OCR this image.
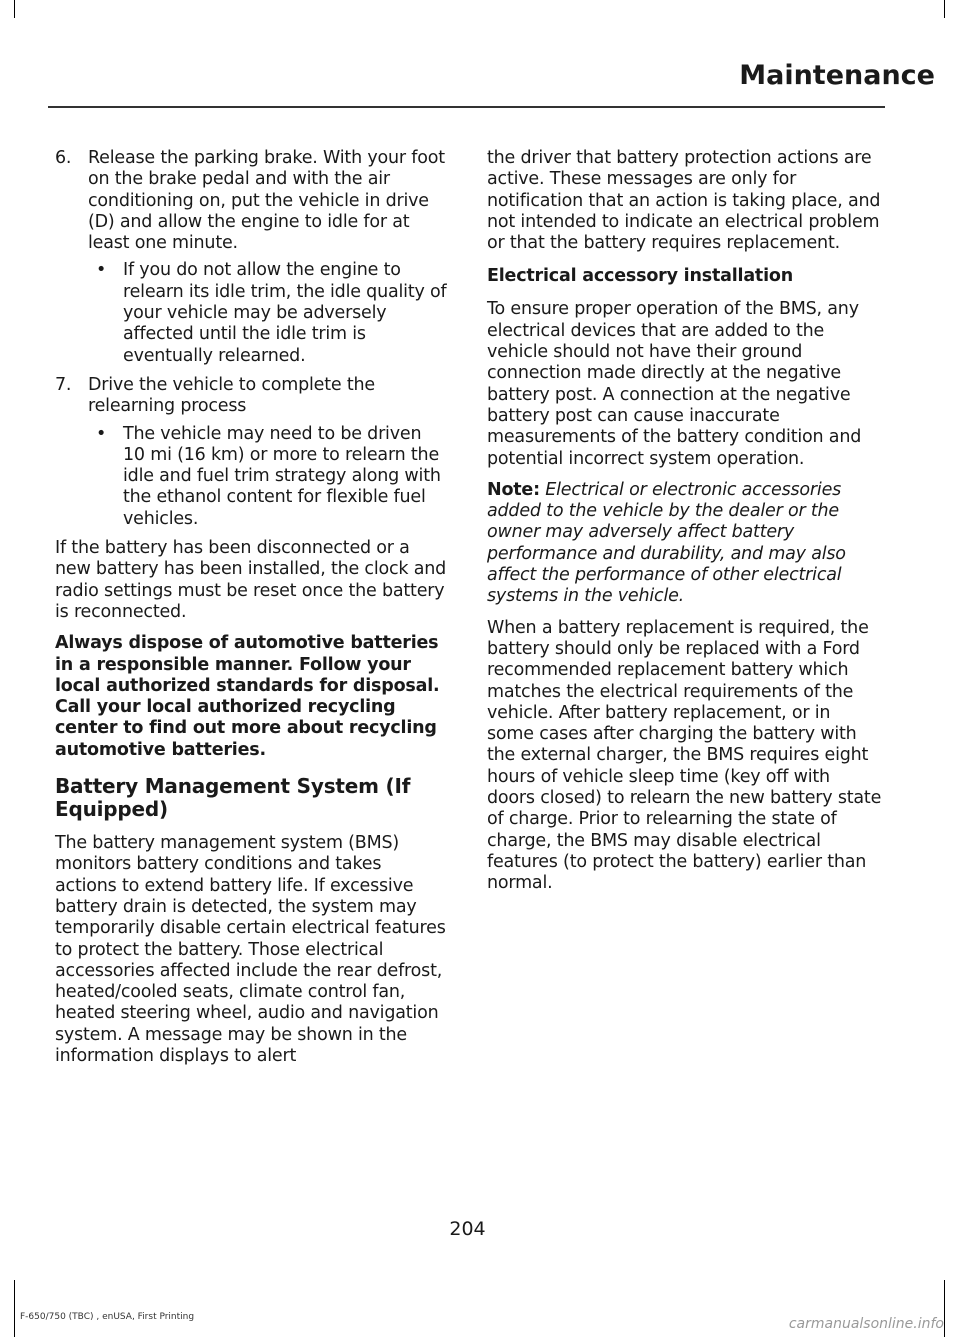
Maintenance
6. Release the parking brake. With your foot on the brake pedal and with the air conditioning on, put the vehicle in drive (D) and allow the engine to idle for at least one minute.
• If you do not allow the engine to relearn its idle trim, the idle quality of your vehicle may be adversely affected until the idle trim is eventually relearned.
7. Drive the vehicle to complete the relearning process
• The vehicle may need to be driven 10 mi (16 km) or more to relearn the idle and fuel trim strategy along with the ethanol content for flexible fuel vehicles.

If the battery has been disconnected or a new battery has been installed, the clock and radio settings must be reset once the battery is reconnected.

Always dispose of automotive batteries in a responsible manner. Follow your local authorized standards for disposal. Call your local authorized recycling center to find out more about recycling automotive batteries.

Battery Management System (If Equipped)

The battery management system (BMS) monitors battery conditions and takes actions to extend battery life. If excessive battery drain is detected, the system may temporarily disable certain electrical features to protect the battery. Those electrical accessories affected include the rear defrost, heated/cooled seats, climate control fan, heated steering wheel, audio and navigation system. A message may be shown in the information displays to alert

the driver that battery protection actions are active. These messages are only for notification that an action is taking place, and not intended to indicate an electrical problem or that the battery requires replacement.

Electrical accessory installation

To ensure proper operation of the BMS, any electrical devices that are added to the vehicle should not have their ground connection made directly at the negative battery post. A connection at the negative battery post can cause inaccurate measurements of the battery condition and potential incorrect system operation.

Note: Electrical or electronic accessories added to the vehicle by the dealer or the owner may adversely affect battery performance and durability, and may also affect the performance of other electrical systems in the vehicle.

When a battery replacement is required, the battery should only be replaced with a Ford recommended replacement battery which matches the electrical requirements of the vehicle. After battery replacement, or in some cases after charging the battery with the external charger, the BMS requires eight hours of vehicle sleep time (key off with doors closed) to relearn the new battery state of charge. Prior to relearning the state of charge, the BMS may disable electrical features (to protect the battery) earlier than normal.

204
F-650/750 (TBC) , enUSA, First Printing	carmanualsonline.info
